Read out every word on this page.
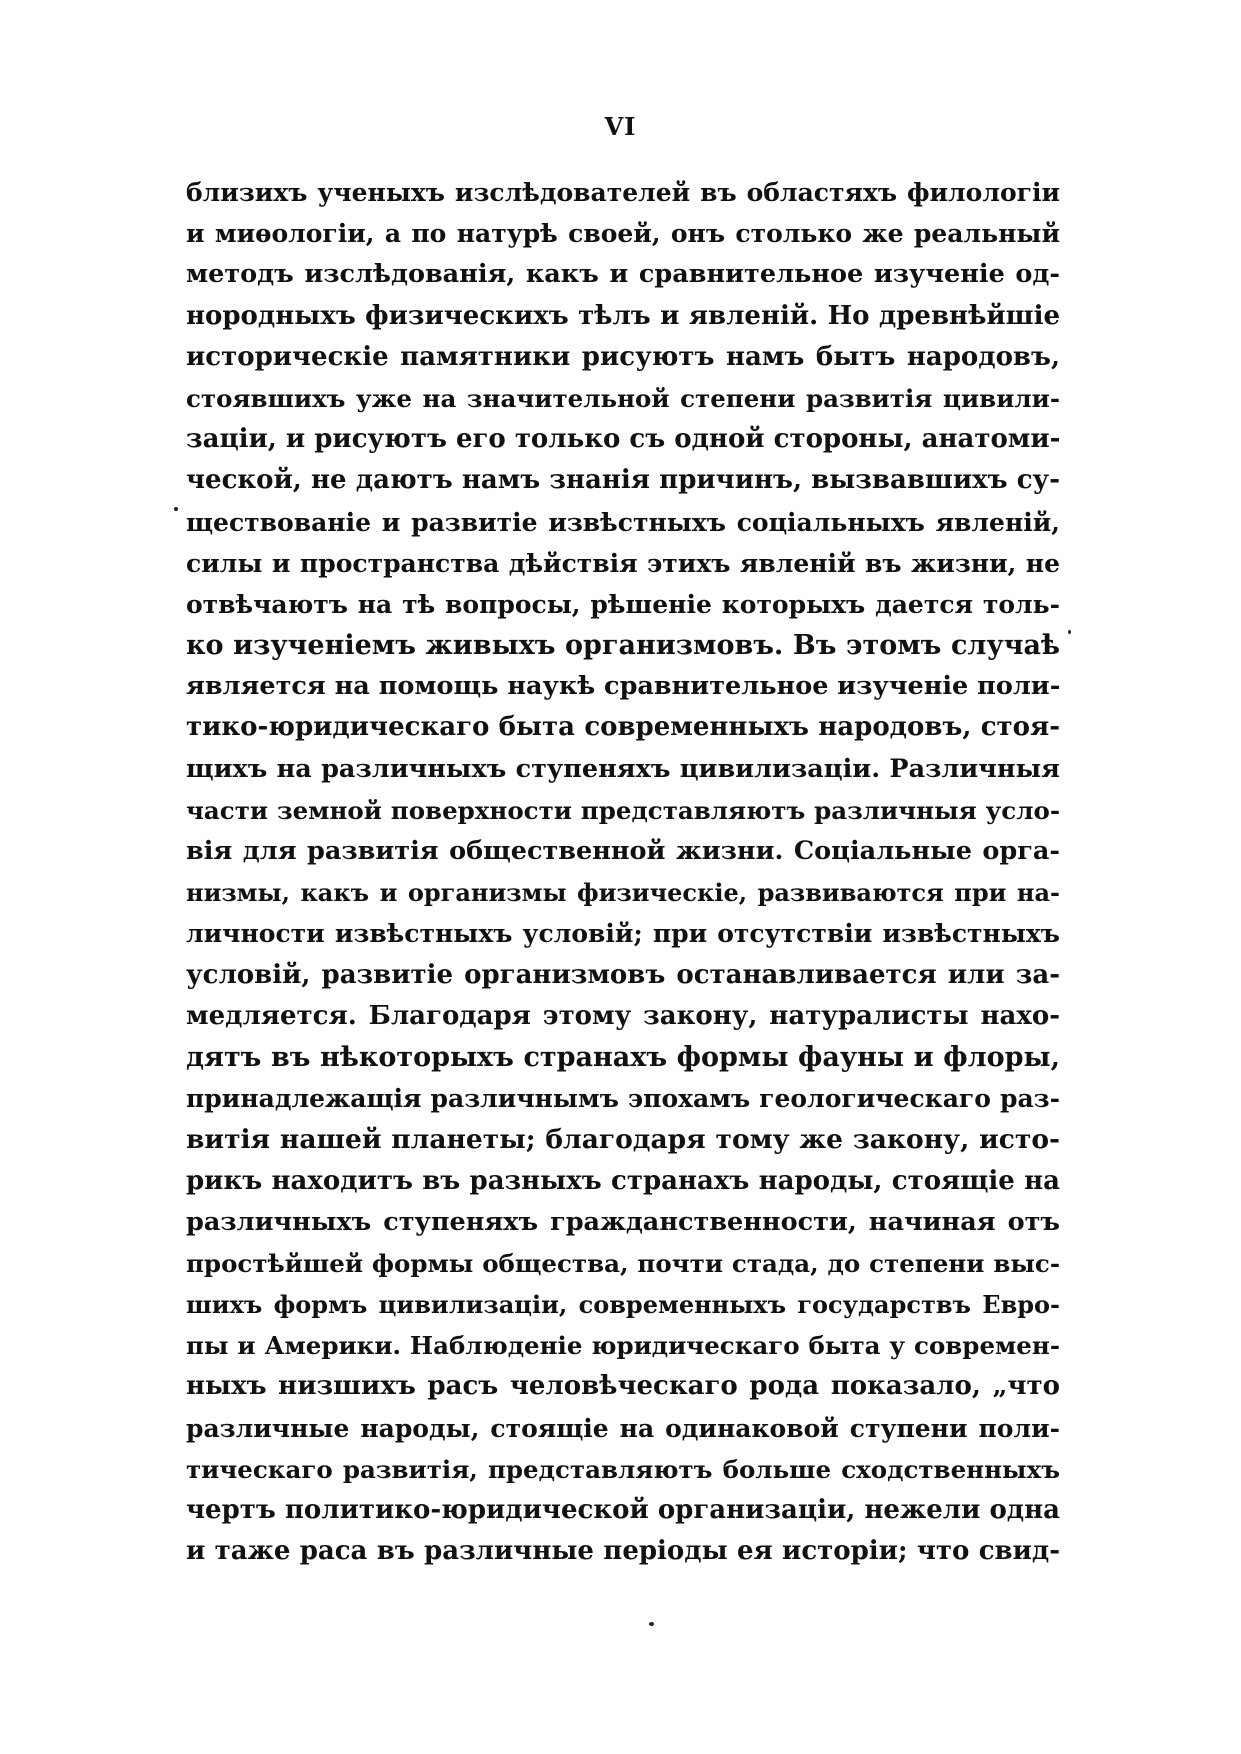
VI
близихъ ученыхъ изслѣдователей въ областяхъ филологіи
и миѳологіи, а по натурѣ своей, онъ столько же реальный
методъ изслѣдованія, какъ и сравнительное изученіе од-
нородныхъ физическихъ тѣлъ и явленій. Но древнѣйшіе
историческіе памятники рисуютъ намъ бытъ народовъ,
стоявшихъ уже на значительной степени развитія цивили-
заціи, и рисуютъ его только съ одной стороны, анатоми-
ческой, не даютъ намъ знанія причинъ, вызвавшихъ су-
ществованіе и развитіе извѣстныхъ соціальныхъ явленій,
силы и пространства дѣйствія этихъ явленій въ жизни, не
отвѣчаютъ на тѣ вопросы, рѣшеніе которыхъ дается толь-
ко изученіемъ живыхъ организмовъ. Въ этомъ случаѣ
является на помощь наукѣ сравнительное изученіе поли-
тико-юридическаго быта современныхъ народовъ, стоя-
щихъ на различныхъ ступеняхъ цивилизаціи. Различныя
части земной поверхности представляютъ различныя усло-
вія для развитія общественной жизни. Соціальные орга-
низмы, какъ и организмы физическіе, развиваются при на-
личности извѣстныхъ условій; при отсутствіи извѣстныхъ
условій, развитіе организмовъ останавливается или за-
медляется. Благодаря этому закону, натуралисты нахо-
дятъ въ нѣкоторыхъ странахъ формы фауны и флоры,
принадлежащія различнымъ эпохамъ геологическаго раз-
витія нашей планеты; благодаря тому же закону, исто-
рикъ находитъ въ разныхъ странахъ народы, стоящіе на
различныхъ ступеняхъ гражданственности, начиная отъ
простѣйшей формы общества, почти стада, до степени выс-
шихъ формъ цивилизаціи, современныхъ государствъ Евро-
пы и Америки. Наблюденіе юридическаго быта у современ-
ныхъ низшихъ расъ человѣческаго рода показало, „что
различные народы, стоящіе на одинаковой ступени поли-
тическаго развитія, представляютъ больше сходственныхъ
чертъ политико-юридической организаціи, нежели одна
и таже раса въ различные періоды ея исторіи; что свид-
